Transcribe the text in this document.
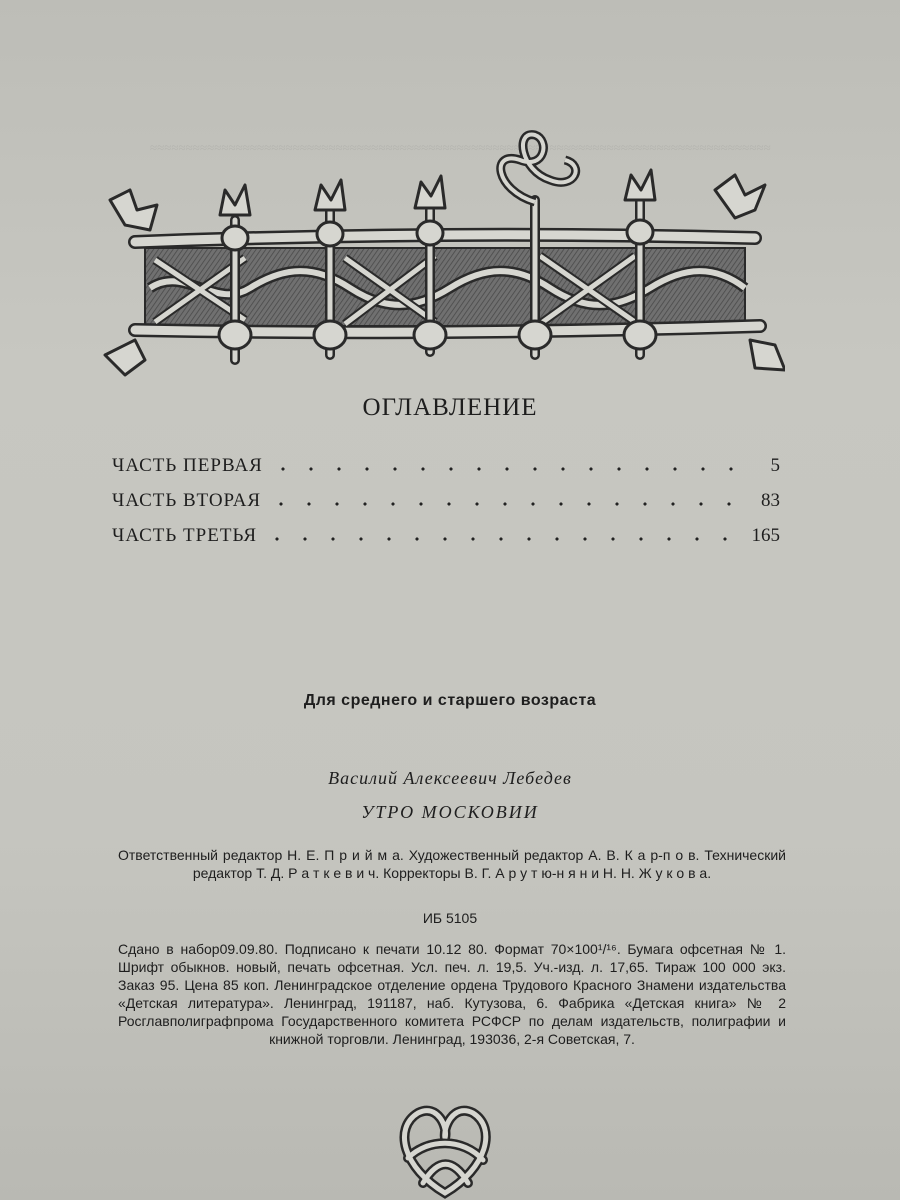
≈≈≈≈≈≈≈≈≈≈≈≈≈≈≈≈≈≈≈≈≈≈≈≈≈≈≈≈≈≈≈≈≈≈≈≈≈≈≈≈≈≈≈≈≈≈≈≈≈≈≈≈≈≈≈≈≈≈≈≈≈≈≈≈≈≈≈≈≈≈≈≈≈≈≈≈≈≈≈≈≈≈≈≈≈≈≈
ОГЛАВЛЕНИЕ
ЧАСТЬ ПЕРВАЯ	5
ЧАСТЬ ВТОРАЯ	83
ЧАСТЬ ТРЕТЬЯ	165
Для среднего и старшего возраста
Василий Алексеевич Лебедев
УТРО МОСКОВИИ
Ответственный редактор Н. Е. П р и й м а. Художественный редактор А. В. К а р-п о в. Технический редактор Т. Д. Р а т к е в и ч. Корректоры В. Г. А р у т ю-н я н и Н. Н. Ж у к о в а.
ИБ 5105
Сдано в набор09.09.80. Подписано к печати 10.12 80. Формат 70×100¹/¹⁶. Бумага офсетная № 1. Шрифт обыкнов. новый, печать офсетная. Усл. печ. л. 19,5. Уч.-изд. л. 17,65. Тираж 100 000 экз. Заказ 95. Цена 85 коп. Ленинградское отделение ордена Трудового Красного Знамени издательства «Детская литература». Ленинград, 191187, наб. Кутузова, 6. Фабрика «Детская книга» № 2 Росглавполиграфпрома Государственного комитета РСФСР по делам издательств, полиграфии и книжной торговли. Ленинград, 193036, 2-я Советская, 7.
